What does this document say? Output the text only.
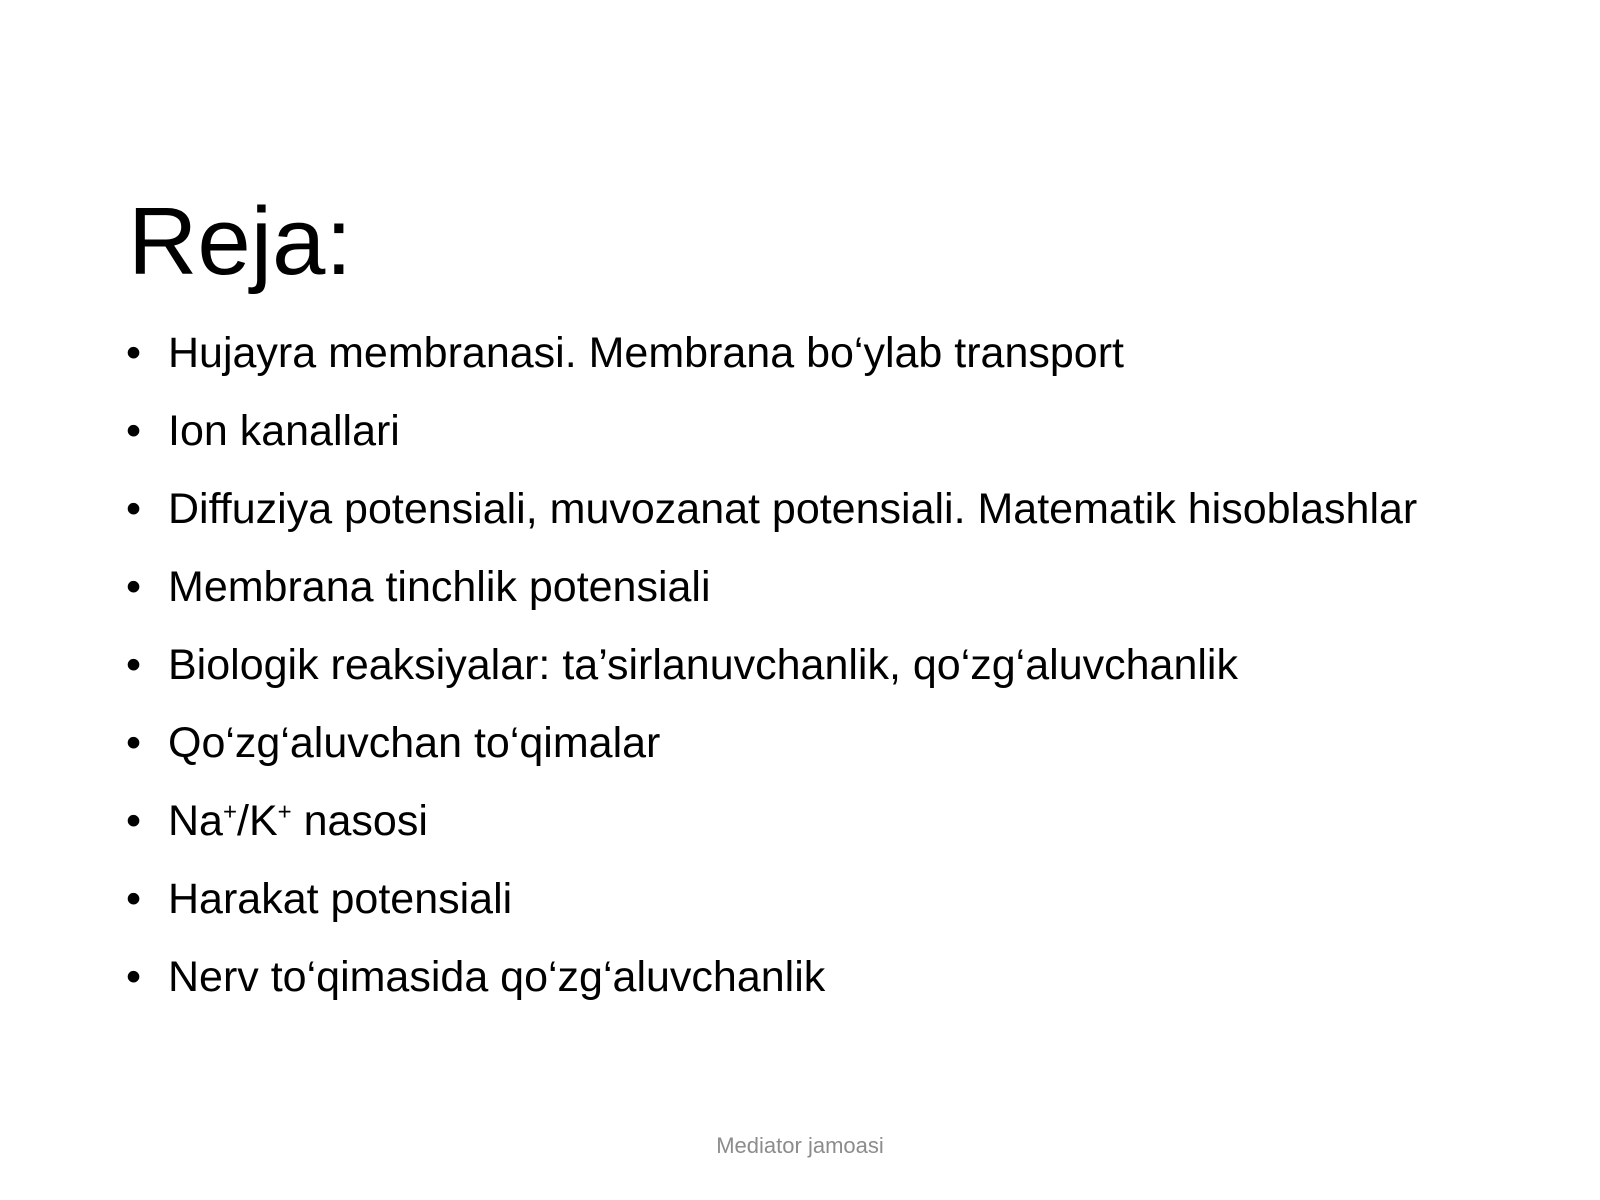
Reja:
• Hujayra membranasi. Membrana bo‘ylab transport
• Ion kanallari
• Diffuziya potensiali, muvozanat potensiali. Matematik hisoblashlar
• Membrana tinchlik potensiali
• Biologik reaksiyalar: ta’sirlanuvchanlik, qo‘zg‘aluvchanlik
• Qo‘zg‘aluvchan to‘qimalar
• Na+/K+ nasosi
• Harakat potensiali
• Nerv to‘qimasida qo‘zg‘aluvchanlik
Mediator jamoasi
